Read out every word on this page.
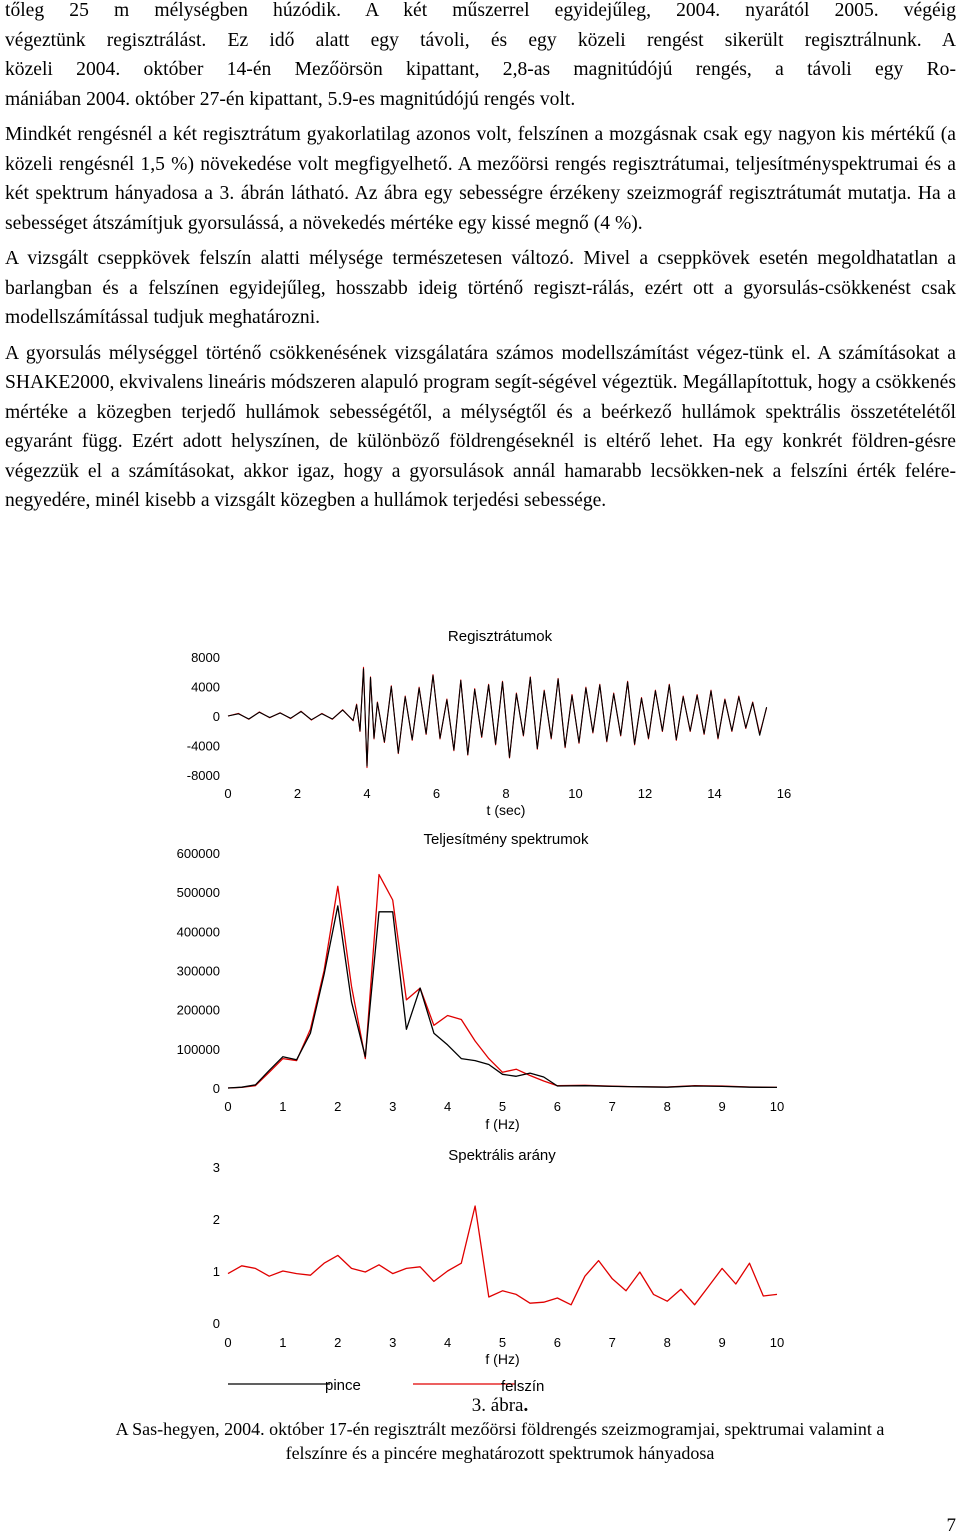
tőleg 25 m mélységben húzódik. A két műszerrel egyidejűleg, 2004. nyarától 2005. végéig
végeztünk regisztrálást. Ez idő alatt egy távoli, és egy közeli rengést sikerült regisztrálnunk. A
közeli 2004. október 14-én Mezőörsön kipattant, 2,8-as magnitúdójú rengés, a távoli egy Ro-
mániában 2004. október 27-én kipattant, 5.9-es magnitúdójú rengés volt.

Mindkét rengésnél a két regisztrátum gyakorlatilag azonos volt, felszínen a mozgásnak csak egy nagyon kis mértékű (a közeli rengésnél 1,5 %) növekedése volt megfigyelhető. A mezőörsi rengés regisztrátumai, teljesítményspektrumai és a két spektrum hányadosa a 3. ábrán látható. Az ábra egy sebességre érzékeny szeizmográf regisztrátumát mutatja. Ha a sebességet átszámítjuk gyorsulássá, a növekedés mértéke egy kissé megnő (4 %).

A vizsgált cseppkövek felszín alatti mélysége természetesen változó. Mivel a cseppkövek esetén megoldhatatlan a barlangban és a felszínen egyidejűleg, hosszabb ideig történő regiszt-rálás, ezért ott a gyorsulás-csökkenést csak modellszámítással tudjuk meghatározni.

A gyorsulás mélységgel történő csökkenésének vizsgálatára számos modellszámítást végez-tünk el. A számításokat a SHAKE2000, ekvivalens lineáris módszeren alapuló program segít-ségével végeztük. Megállapítottuk, hogy a csökkenés mértéke a közegben terjedő hullámok sebességétől, a mélységtől és a beérkező hullámok spektrális összetételétől egyaránt függ. Ezért adott helyszínen, de különböző földrengéseknél is eltérő lehet. Ha egy konkrét földren-gésre végezzük el a számításokat, akkor igaz, hogy a gyorsulások annál hamarabb lecsökken-nek a felszíni érték felére-negyedére, minél kisebb a vizsgált közegben a hullámok terjedési sebessége.

Regisztrátumok
8000
4000
0
-4000
-8000
0	2	4	6	8	10	12	14	16
t (sec)
Teljesítmény spektrumok
600000
500000
400000
300000
200000
100000
0
0	1	2	3	4	5	6	7	8	9	10
f (Hz)
Spektrális arány
3
2
1
0
0	1	2	3	4	5	6	7	8	9	10
f (Hz)
pince	felszín
3. ábra.
A Sas-hegyen, 2004. október 17-én regisztrált mezőörsi földrengés szeizmogramjai, spektrumai valamint a
felszínre és a pincére meghatározott spektrumok hányadosa
7
